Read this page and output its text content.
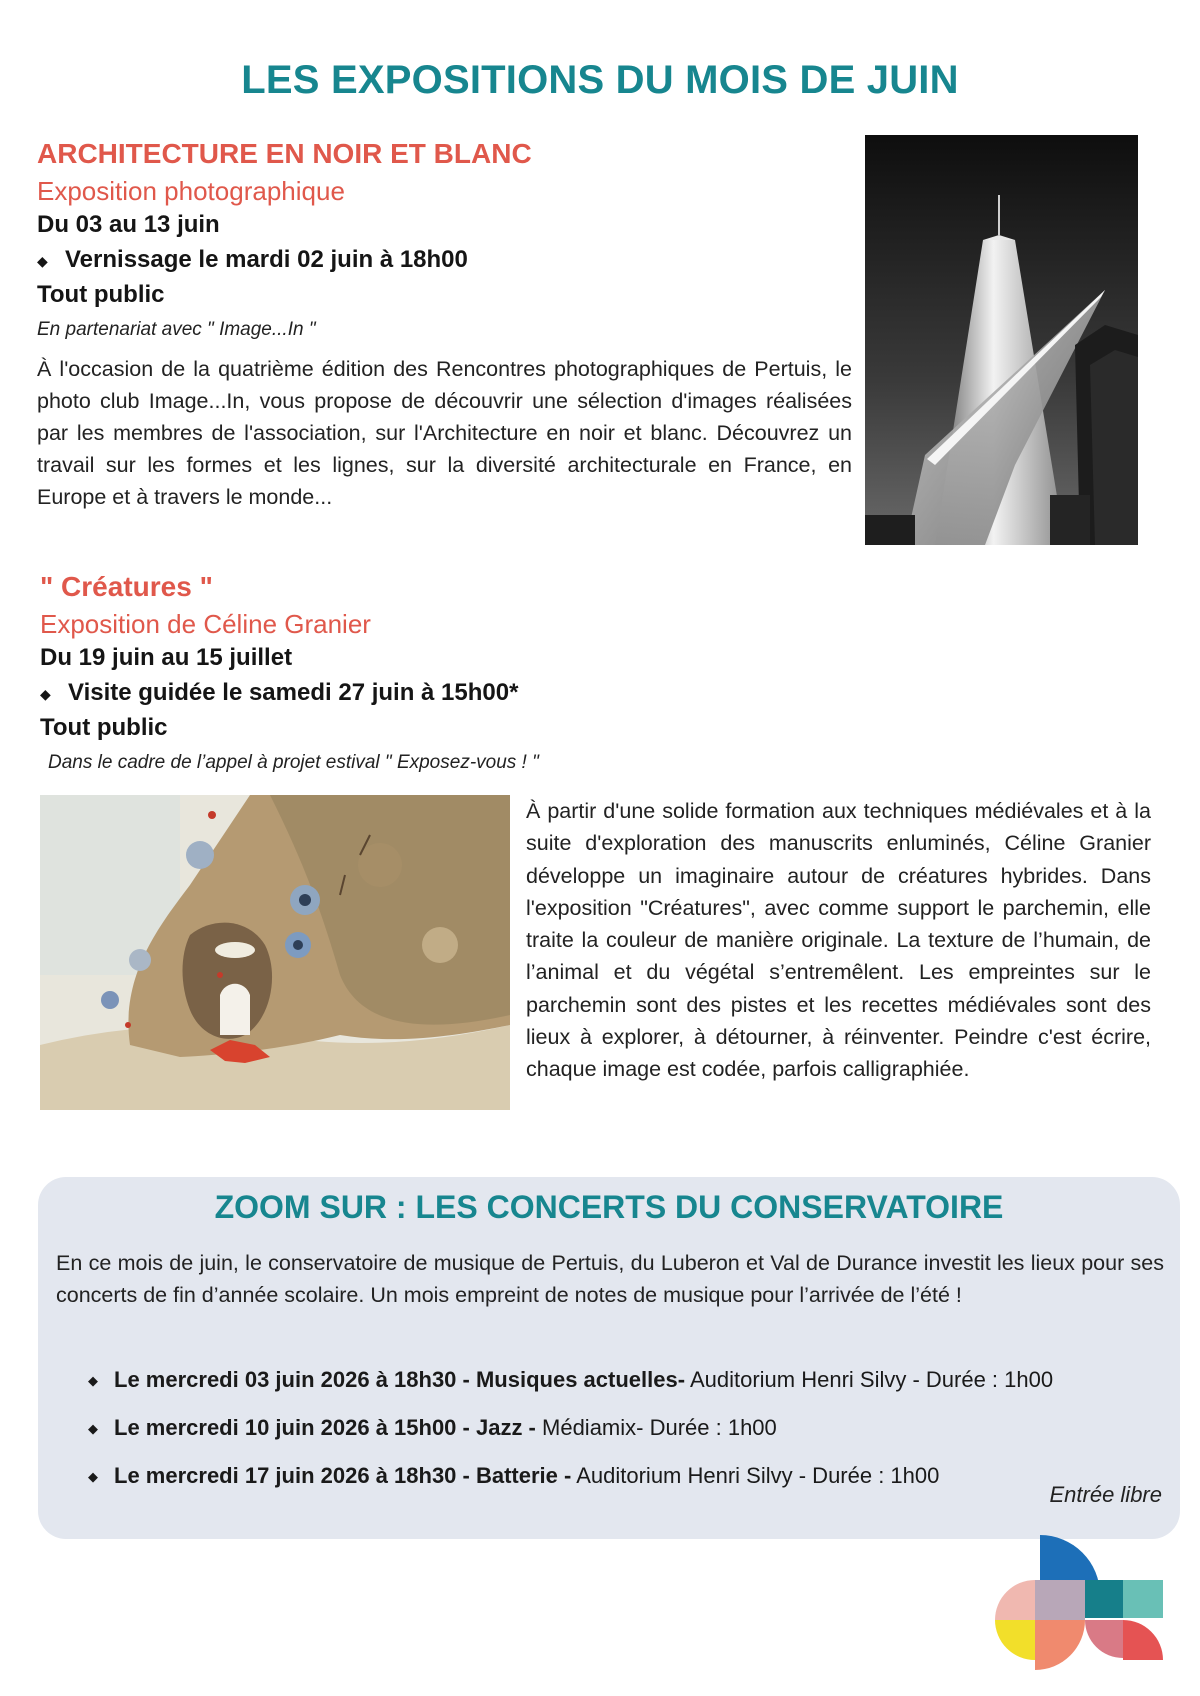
LES EXPOSITIONS DU MOIS DE JUIN
ARCHITECTURE EN NOIR ET BLANC
Exposition photographique
Du 03 au 13 juin
◆ Vernissage le mardi 02 juin à 18h00
Tout public
En partenariat avec " Image...In "
À l'occasion de la quatrième édition des Rencontres photographiques de Pertuis, le photo club Image...In, vous propose de découvrir une sélection d'images réalisées par les membres de l'association, sur l'Architecture en noir et blanc. Découvrez un travail sur les formes et les lignes, sur la diversité architecturale en France, en Europe et à travers le monde...
" Créatures "
Exposition de Céline Granier
Du 19 juin au 15 juillet
◆ Visite guidée le samedi 27 juin à 15h00*
Tout public
Dans le cadre de l’appel à projet estival " Exposez-vous ! "
À partir d'une solide formation aux techniques médiévales et à la suite d'exploration des manuscrits enluminés, Céline Granier développe un imaginaire autour de créatures hybrides. Dans l'exposition "Créatures", avec comme support le parchemin, elle traite la couleur de manière originale. La texture de l’humain, de l’animal et du végétal s’entremêlent. Les empreintes sur le parchemin sont des pistes et les recettes médiévales sont des lieux à explorer, à détourner, à réinventer. Peindre c'est écrire, chaque image est codée, parfois calligraphiée.
ZOOM SUR : LES CONCERTS DU CONSERVATOIRE
En ce mois de juin, le conservatoire de musique de Pertuis, du Luberon et Val de Durance investit les lieux pour ses concerts de fin d’année scolaire. Un mois empreint de notes de musique pour l’arrivée de l’été !
◆ Le mercredi 03 juin 2026 à 18h30 - Musiques actuelles- Auditorium Henri Silvy - Durée : 1h00
◆ Le mercredi 10 juin 2026 à 15h00 - Jazz - Médiamix- Durée : 1h00
◆ Le mercredi 17 juin 2026 à 18h30 - Batterie - Auditorium Henri Silvy - Durée : 1h00
Entrée libre
